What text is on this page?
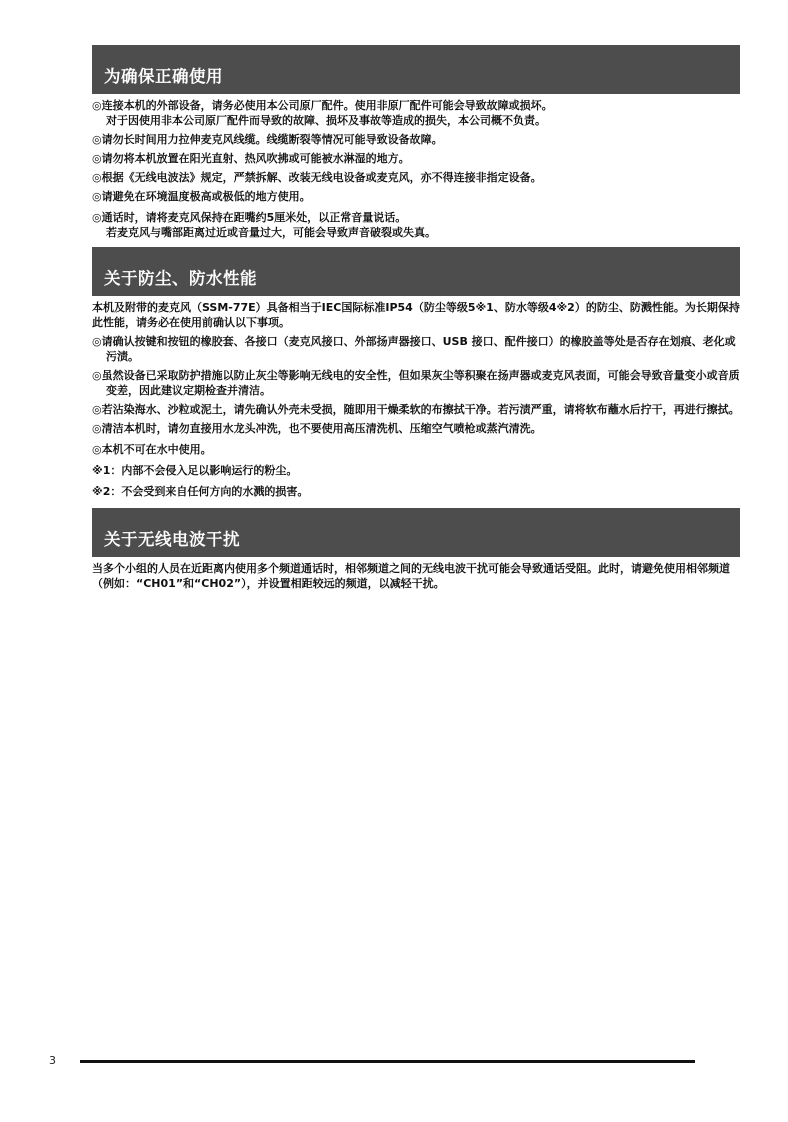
为确保正确使用

◎连接本机的外部设备，请务必使用本公司原厂配件。使用非原厂配件可能会导致故障或损坏。

对于因使用非本公司原厂配件而导致的故障、损坏及事故等造成的损失，本公司概不负责。

◎请勿长时间用力拉伸麦克风线缆。线缆断裂等情况可能导致设备故障。

◎请勿将本机放置在阳光直射、热风吹拂或可能被水淋湿的地方。

◎根据《无线电波法》规定，严禁拆解、改装无线电设备或麦克风，亦不得连接非指定设备。

◎请避免在环境温度极高或极低的地方使用。

◎通话时，请将麦克风保持在距嘴约5厘米处，以正常音量说话。

若麦克风与嘴部距离过近或音量过大，可能会导致声音破裂或失真。

关于防尘、防水性能

本机及附带的麦克风（SSM-77E）具备相当于IEC国际标准IP54（防尘等级5※1、防水等级4※2）的防尘、防溅性能。为长期保持此性能，请务必在使用前确认以下事项。

◎请确认按键和按钮的橡胶套、各接口（麦克风接口、外部扬声器接口、USB 接口、配件接口）的橡胶盖等处是否存在划痕、老化或污渍。

◎虽然设备已采取防护措施以防止灰尘等影响无线电的安全性，但如果灰尘等积聚在扬声器或麦克风表面，可能会导致音量变小或音质变差，因此建议定期检查并清洁。

◎若沾染海水、沙粒或泥土，请先确认外壳未受损，随即用干燥柔软的布擦拭干净。若污渍严重，请将软布蘸水后拧干，再进行擦拭。

◎清洁本机时，请勿直接用水龙头冲洗，也不要使用高压清洗机、压缩空气喷枪或蒸汽清洗。

◎本机不可在水中使用。

※1：内部不会侵入足以影响运行的粉尘。

※2：不会受到来自任何方向的水溅的损害。

关于无线电波干扰

当多个小组的人员在近距离内使用多个频道通话时，相邻频道之间的无线电波干扰可能会导致通话受阻。此时，请避免使用相邻频道（例如：“CH01”和“CH02”），并设置相距较远的频道，以减轻干扰。

3
